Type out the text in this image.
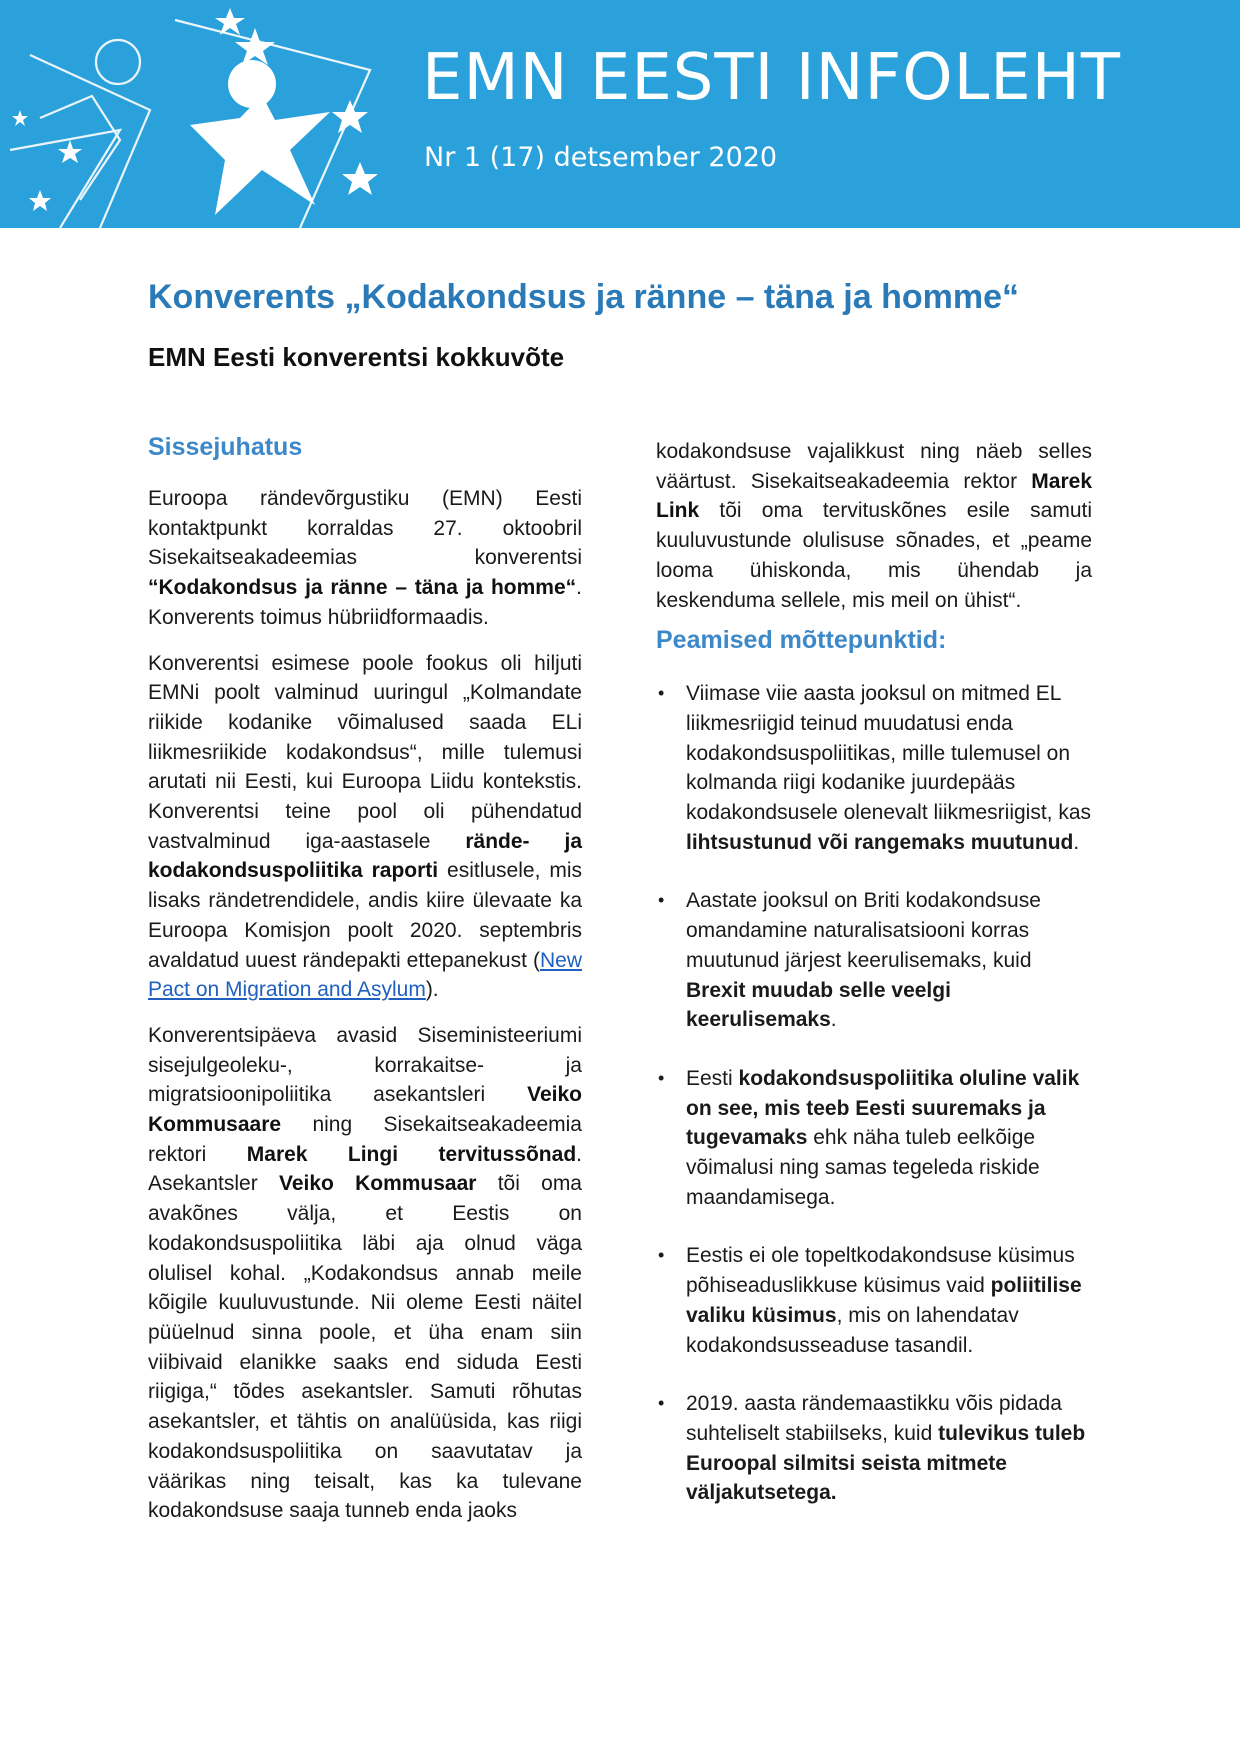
EMN EESTI INFOLEHT
Nr 1 (17) detsember 2020
Konverents „Kodakondsus ja ränne – täna ja homme“
EMN Eesti konverentsi kokkuvõte
Sissejuhatus

Euroopa rändevõrgustiku (EMN) Eesti kontaktpunkt korraldas 27. oktoobril Sisekaitseakadeemias konverentsi “Kodakondsus ja ränne – täna ja homme“. Konverents toimus hübriidformaadis.

Konverentsi esimese poole fookus oli hiljuti EMNi poolt valminud uuringul „Kolmandate riikide kodanike võimalused saada ELi liikmesriikide kodakondsus“, mille tulemusi arutati nii Eesti, kui Euroopa Liidu kontekstis. Konverentsi teine pool oli pühendatud vastvalminud iga-aastasele rände- ja kodakondsuspoliitika raporti esitlusele, mis lisaks rändetrendidele, andis kiire ülevaate ka Euroopa Komisjon poolt 2020. septembris avaldatud uuest rändepakti ettepanekust (New Pact on Migration and Asylum).

Konverentsipäeva avasid Siseministeeriumi sisejulgeoleku-, korrakaitse- ja migratsioonipoliitika asekantsleri Veiko Kommusaare ning Sisekaitseakadeemia rektori Marek Lingi tervitussõnad. Asekantsler Veiko Kommusaar tõi oma avakõnes välja, et Eestis on kodakondsuspoliitika läbi aja olnud väga olulisel kohal. „Kodakondsus annab meile kõigile kuuluvustunde. Nii oleme Eesti näitel püüelnud sinna poole, et üha enam siin viibivaid elanikke saaks end siduda Eesti riigiga,“ tõdes asekantsler. Samuti rõhutas asekantsler, et tähtis on analüüsida, kas riigi kodakondsuspoliitika on saavutatav ja väärikas ning teisalt, kas ka tulevane kodakondsuse saaja tunneb enda jaoks

kodakondsuse vajalikkust ning näeb selles väärtust. Sisekaitseakadeemia rektor Marek Link tõi oma tervituskõnes esile samuti kuuluvustunde olulisuse sõnades, et „peame looma ühiskonda, mis ühendab ja keskenduma sellele, mis meil on ühist“.

Peamised mõttepunktid:
• Viimase viie aasta jooksul on mitmed EL liikmesriigid teinud muudatusi enda kodakondsuspoliitikas, mille tulemusel on kolmanda riigi kodanike juurdepääs kodakondsusele olenevalt liikmesriigist, kas lihtsustunud või rangemaks muutunud.
• Aastate jooksul on Briti kodakondsuse omandamine naturalisatsiooni korras muutunud järjest keerulisemaks, kuid Brexit muudab selle veelgi keerulisemaks.
• Eesti kodakondsuspoliitika oluline valik on see, mis teeb Eesti suuremaks ja tugevamaks ehk näha tuleb eelkõige võimalusi ning samas tegeleda riskide maandamisega.
• Eestis ei ole topeltkodakondsuse küsimus põhiseaduslikkuse küsimus vaid poliitilise valiku küsimus, mis on lahendatav kodakondsusseaduse tasandil.
• 2019. aasta rändemaastikku võis pidada suhteliselt stabiilseks, kuid tulevikus tuleb Euroopal silmitsi seista mitmete väljakutsetega.
